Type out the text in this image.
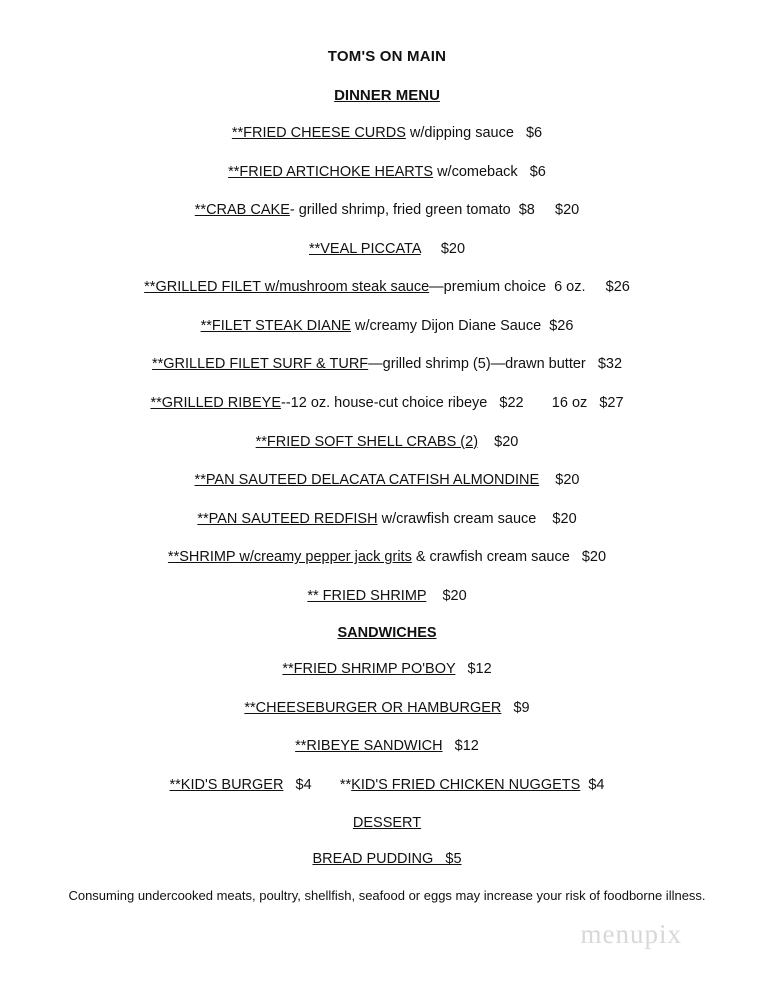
TOM'S ON MAIN
DINNER MENU
**FRIED CHEESE CURDS w/dipping sauce   $6
**FRIED ARTICHOKE HEARTS w/comeback   $6
**CRAB CAKE- grilled shrimp, fried green tomato  $8     $20
**VEAL PICCATA     $20
**GRILLED FILET w/mushroom steak sauce—premium choice  6 oz.     $26
**FILET STEAK DIANE w/creamy Dijon Diane Sauce  $26
**GRILLED FILET SURF & TURF—grilled shrimp (5)—drawn butter   $32
**GRILLED RIBEYE--12 oz. house-cut choice ribeye   $22       16 oz   $27
**FRIED SOFT SHELL CRABS (2)    $20
**PAN SAUTEED DELACATA CATFISH ALMONDINE    $20
**PAN SAUTEED REDFISH w/crawfish cream sauce    $20
**SHRIMP w/creamy pepper jack grits & crawfish cream sauce   $20
** FRIED SHRIMP    $20
SANDWICHES
**FRIED SHRIMP PO'BOY   $12
**CHEESEBURGER OR HAMBURGER   $9
**RIBEYE SANDWICH   $12
**KID'S BURGER   $4       **KID'S FRIED CHICKEN NUGGETS  $4
DESSERT
BREAD PUDDING   $5
Consuming undercooked meats, poultry, shellfish, seafood or eggs may increase your risk of foodborne illness.
menupix
